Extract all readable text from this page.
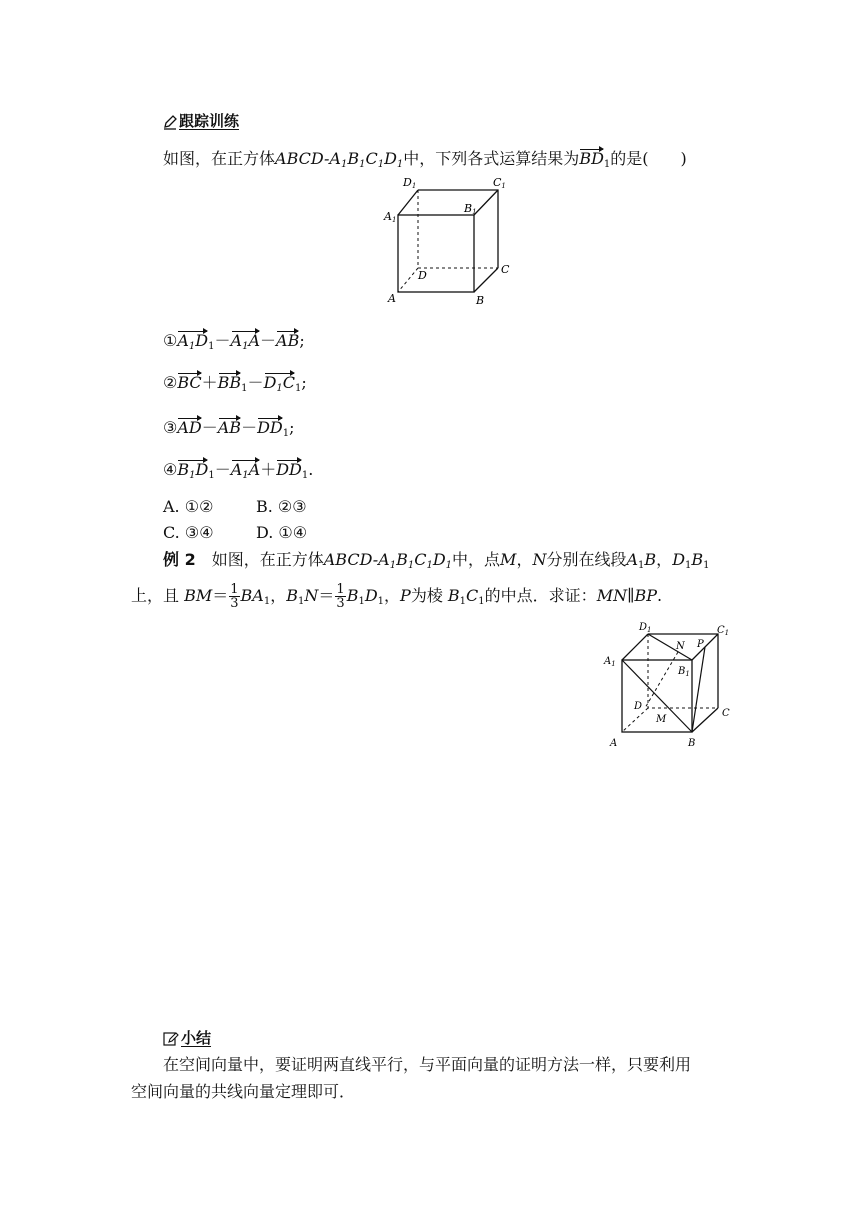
跟踪训练
如图，在正方体ABCD-$A_1B_1C_1D_1$中，下列各式运算结果为$BD_1$的是(　　)
D1	C1
A1
B1
D	C
A	B
$①A_1D_1-A_1A-AB$;
$②BC+BB_1-D_1C_1$;
$③AD-AB-DD_1$;
$④B_1D_1-A_1A+DD_1$.
A. ①②	B. ②③
C. ③④	D. ①④
例 2　 如图，在正方体ABCD-$A_1B_1C_1D_1$中，点M，N分别在线段$A_1B$，$D_1B_1$
上，且 $BM= \frac{1}{3} BA_1$，$B_1N= \frac{1}{3} B_1D_1$，P为棱 $B_1C_1$的中点．求证：MN∥BP.
$D_1$	$C_1$
$A_1$
$B_1$
N P
D
C
M
A	B
小结
在空间向量中，要证明两直线平行，与平面向量的证明方法一样，只要利用
空间向量的共线向量定理即可．
